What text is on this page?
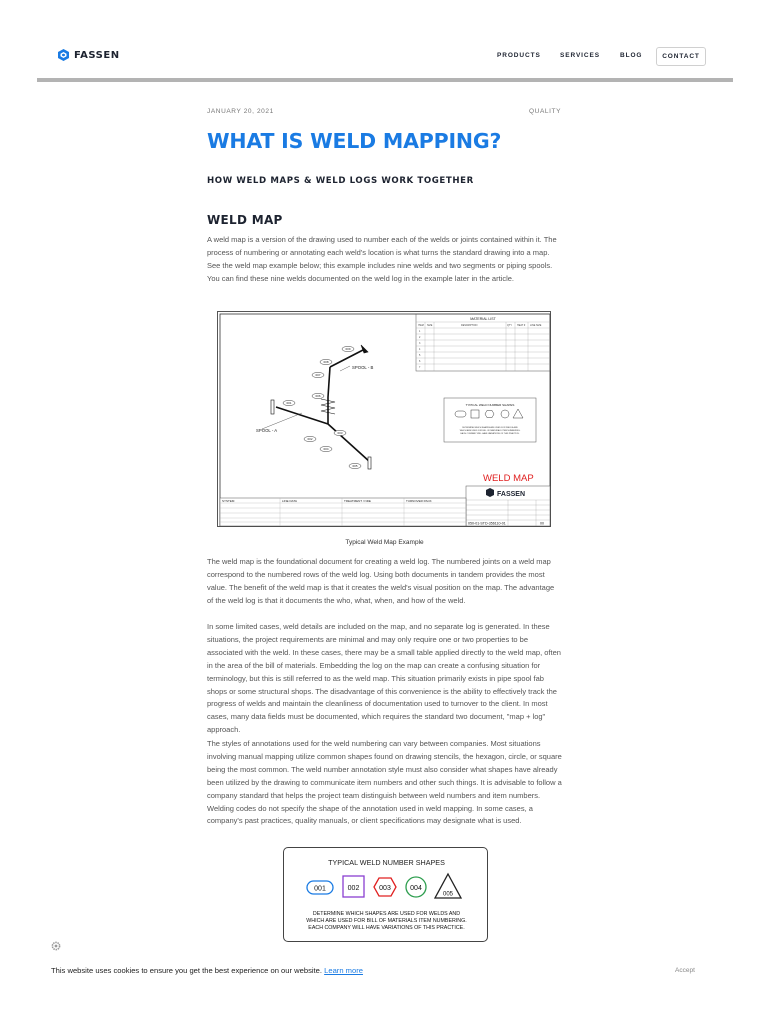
FASSEN	PRODUCTS	SERVICES	BLOG	CONTACT
JANUARY 20, 2021	QUALITY
WHAT IS WELD MAPPING?
HOW WELD MAPS & WELD LOGS WORK TOGETHER
WELD MAP

A weld map is a version of the drawing used to number each of the welds or joints contained within it. The process of numbering or annotating each weld's location is what turns the standard drawing into a map. See the weld map example below; this example includes nine welds and two segments or piping spools. You can find these nine welds documented on the weld log in the example later in the article.

MATERIAL LIST
ITEM SIZE	DESCRIPTION	QTY HEAT # LINE SIZE
1
2
3
4
5
6
7
SPOOL - A
SPOOL - B
001
002
003
004
005
006
007
008
009
TYPICAL WELD NUMBER SHAPES
DETERMINE WHICH SHAPES ARE USED FOR WELDS AND
WHICH ARE USED FOR BILL OF MATERIALS ITEM NUMBERING.
EACH COMPANY WILL HAVE VARIATIONS OF THIS PRACTICE.
WELD MAP
FASSEN
050-01-STD-356110-01	00
SYSTEM	LINE DATA	TREATMENT / NDE	TURNOVER PACK

Typical Weld Map Example

The weld map is the foundational document for creating a weld log. The numbered joints on a weld map correspond to the numbered rows of the weld log. Using both documents in tandem provides the most value. The benefit of the weld map is that it creates the weld's visual position on the map. The advantage of the weld log is that it documents the who, what, when, and how of the weld.

In some limited cases, weld details are included on the map, and no separate log is generated. In these situations, the project requirements are minimal and may only require one or two properties to be associated with the weld. In these cases, there may be a small table applied directly to the weld map, often in the area of the bill of materials. Embedding the log on the map can create a confusing situation for terminology, but this is still referred to as the weld map. This situation primarily exists in pipe spool fab shops or some structural shops. The disadvantage of this convenience is the ability to effectively track the progress of welds and maintain the cleanliness of documentation used to turnover to the client. In most cases, many data fields must be documented, which requires the standard two document, "map + log" approach.

The styles of annotations used for the weld numbering can vary between companies. Most situations involving manual mapping utilize common shapes found on drawing stencils, the hexagon, circle, or square being the most common. The weld number annotation style must also consider what shapes have already been utilized by the drawing to communicate item numbers and other such things. It is advisable to follow a company standard that helps the project team distinguish between weld numbers and item numbers. Welding codes do not specify the shape of the annotation used in weld mapping. In some cases, a company's past practices, quality manuals, or client specifications may designate what is used.

TYPICAL WELD NUMBER SHAPES
001	002	003	004
005
DETERMINE WHICH SHAPES ARE USED FOR WELDS AND
WHICH ARE USED FOR BILL OF MATERIALS ITEM NUMBERING.
EACH COMPANY WILL HAVE VARIATIONS OF THIS PRACTICE.
This website uses cookies to ensure you get the best experience on our website. Learn more	Accept
